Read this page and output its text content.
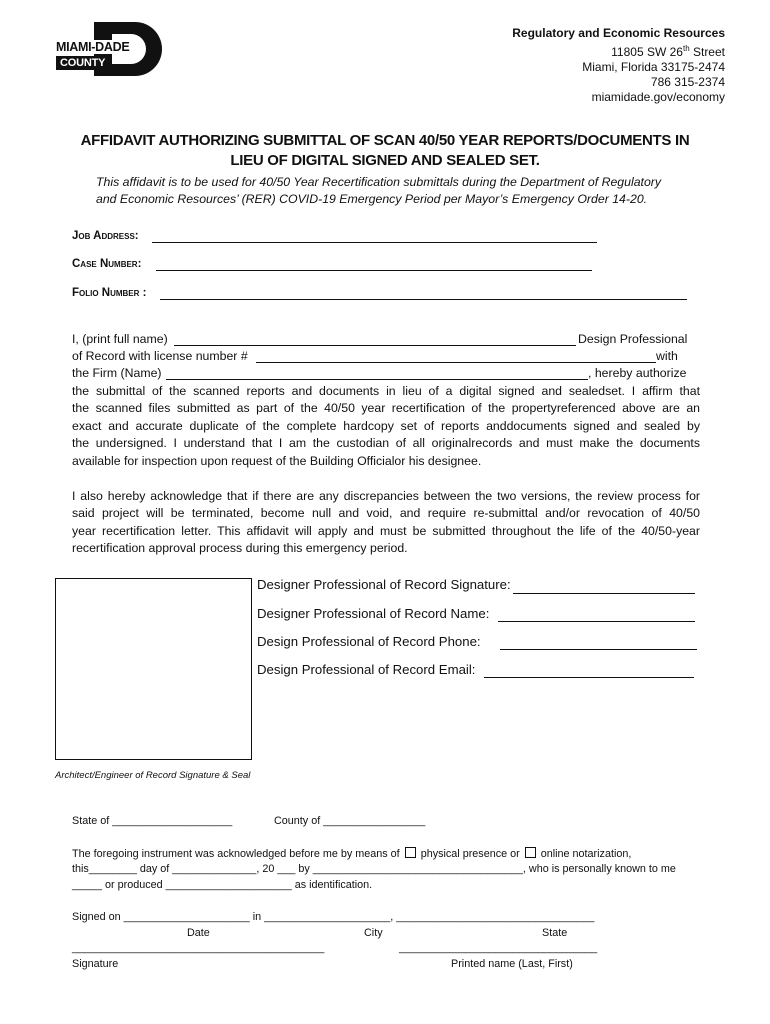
MIAMI-DADE
COUNTY
Regulatory and Economic Resources
11805 SW 26th Street
Miami, Florida 33175-2474
786 315-2374
miamidade.gov/economy
AFFIDAVIT AUTHORIZING SUBMITTAL OF SCAN 40/50 YEAR REPORTS/DOCUMENTS IN
LIEU OF DIGITAL SIGNED AND SEALED SET.
This affidavit is to be used for 40/50 Year Recertification submittals during the Department of Regulatory
and Economic Resources’ (RER) COVID-19 Emergency Period per Mayor’s Emergency Order 14-20.
Job Address:
Case Number:
Folio Number :
I, (print full name)	Design Professional
of Record with license number #	with
the Firm (Name)	, hereby authorize
the submittal of the scanned reports and documents in lieu of a digital signed and sealedset. I affirm that
the scanned files submitted as part of the 40/50 year recertification of the propertyreferenced above are an
exact and accurate duplicate of the complete hardcopy set of reports anddocuments signed and sealed by
the undersigned. I understand that I am the custodian of all originalrecords and must make the documents
available for inspection upon request of the Building Officialor his designee.
I also hereby acknowledge that if there are any discrepancies between the two versions, the review process for
said project will be terminated, become null and void, and require re-submittal and/or revocation of 40/50
year recertification letter. This affidavit will apply and must be submitted throughout the life of the 40/50-year
recertification approval process during this emergency period.
Designer Professional of Record Signature:
Designer Professional of Record Name:
Design Professional of Record Phone:
Design Professional of Record Email:
Architect/Engineer of Record Signature & Seal
State of ____________________	County of _________________
The foregoing instrument was acknowledged before me by means of physical presence or online notarization,
this________ day of ______________, 20 ___ by ___________________________________, who is personally known to me
_____ or produced _____________________ as identification.
Signed on _____________________ in _____________________, _________________________________
Date	City	State
__________________________________________	_________________________________
Signature	Printed name (Last, First)
